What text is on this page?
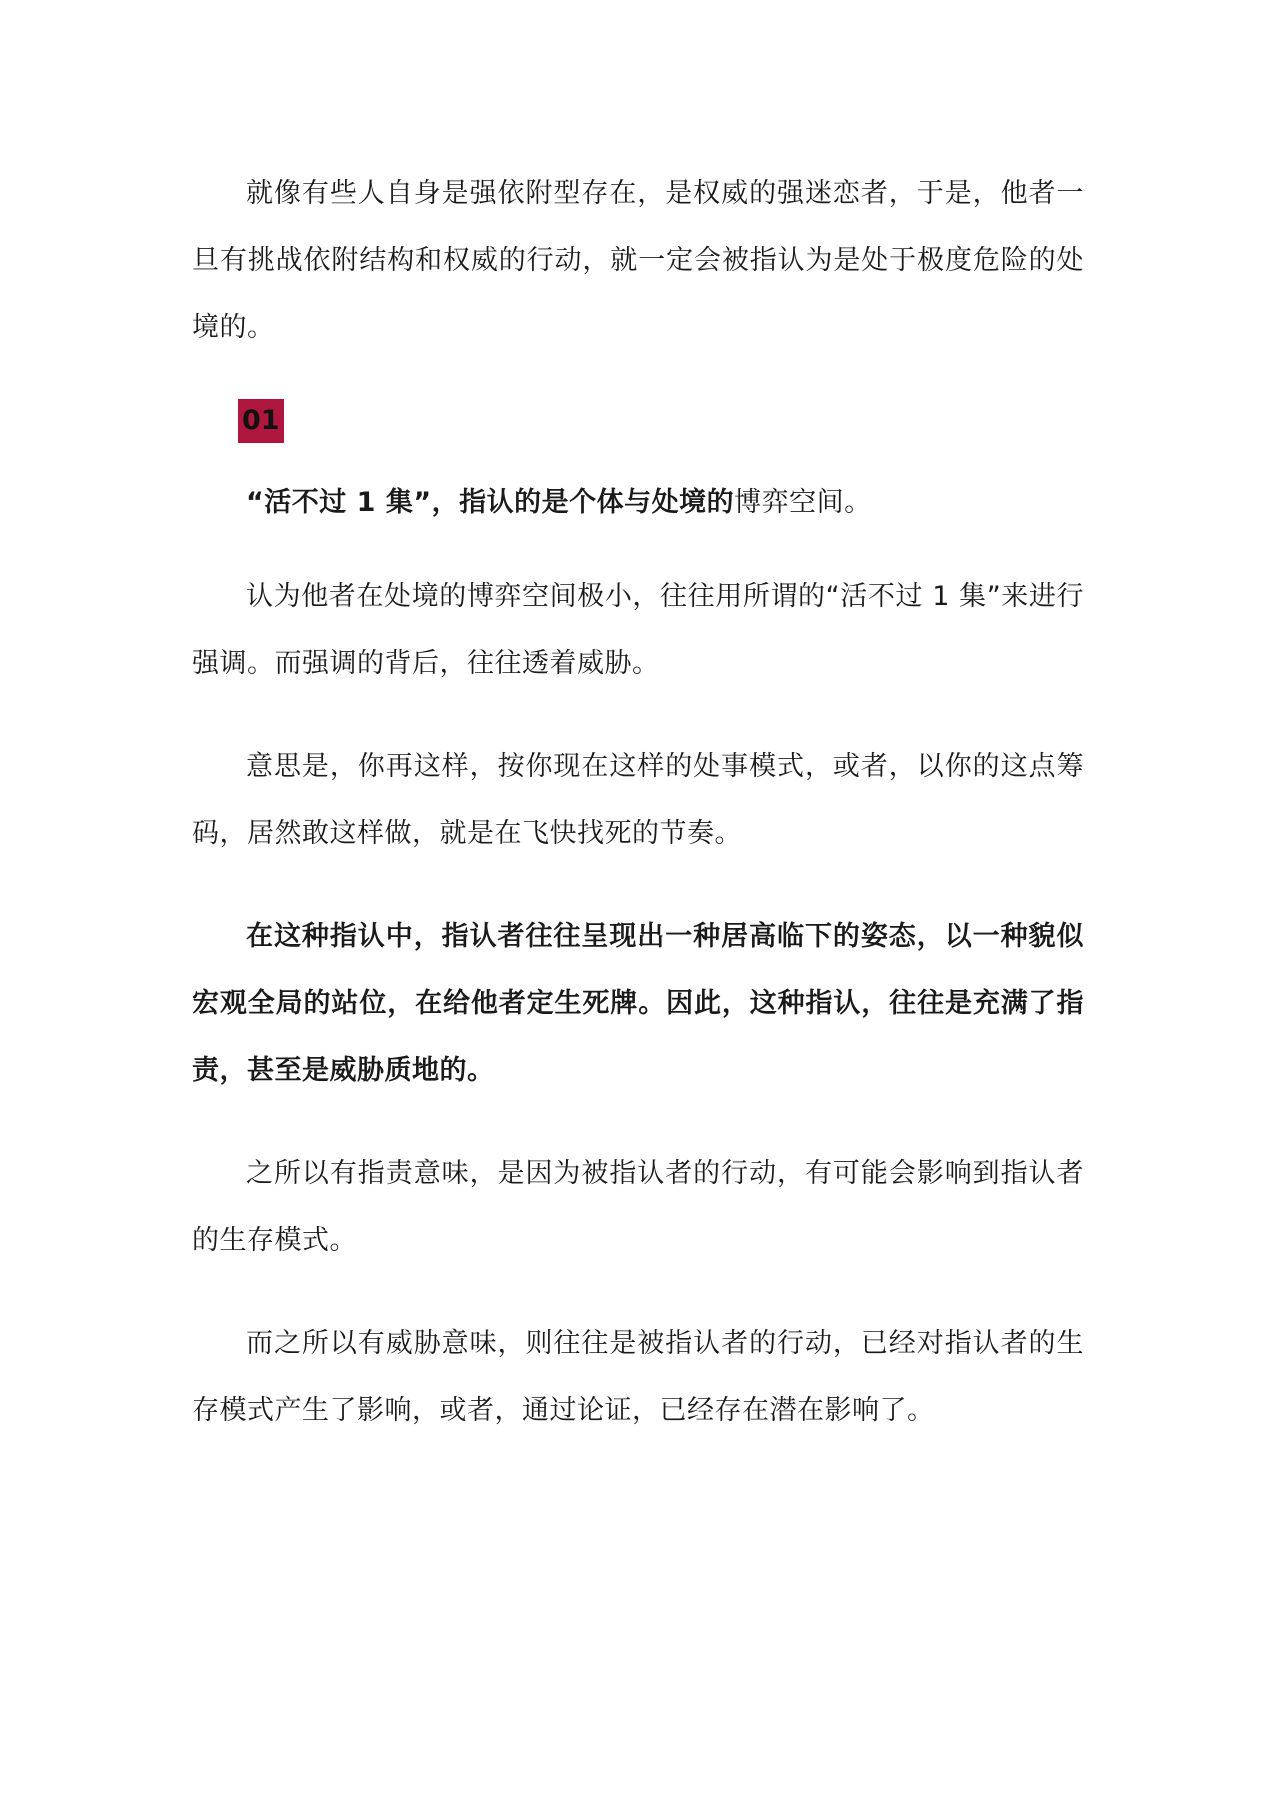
就像有些人自身是强依附型存在，是权威的强迷恋者，于是，他者一旦有挑战依附结构和权威的行动，就一定会被指认为是处于极度危险的处境的。

01

“活不过 1 集”，指认的是个体与处境的博弈空间。

认为他者在处境的博弈空间极小，往往用所谓的“活不过 1 集”来进行强调。而强调的背后，往往透着威胁。

意思是，你再这样，按你现在这样的处事模式，或者，以你的这点筹码，居然敢这样做，就是在飞快找死的节奏。

在这种指认中，指认者往往呈现出一种居高临下的姿态，以一种貌似宏观全局的站位，在给他者定生死牌。因此，这种指认，往往是充满了指责，甚至是威胁质地的。

之所以有指责意味，是因为被指认者的行动，有可能会影响到指认者的生存模式。

而之所以有威胁意味，则往往是被指认者的行动，已经对指认者的生存模式产生了影响，或者，通过论证，已经存在潜在影响了。
